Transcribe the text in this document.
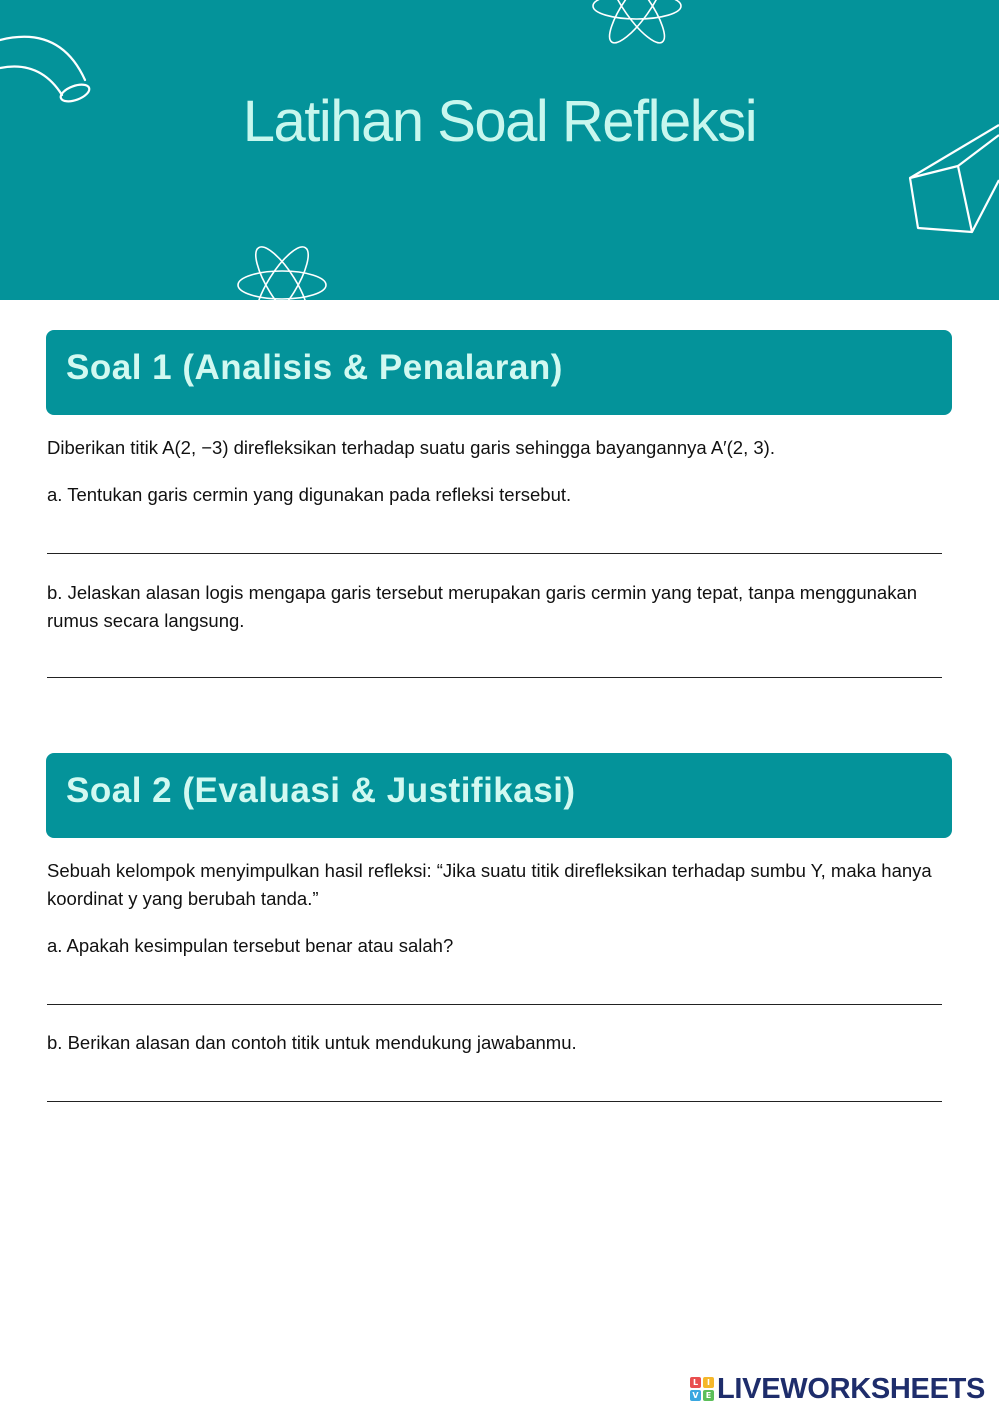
Latihan Soal Refleksi
Soal 1 (Analisis & Penalaran)

Diberikan titik A(2, −3) direfleksikan terhadap suatu garis sehingga bayangannya A′(2, 3).

a. Tentukan garis cermin yang digunakan pada refleksi tersebut.

b. Jelaskan alasan logis mengapa garis tersebut merupakan garis cermin yang tepat, tanpa menggunakan rumus secara langsung.

Soal 2 (Evaluasi & Justifikasi)

Sebuah kelompok menyimpulkan hasil refleksi: “Jika suatu titik direfleksikan terhadap sumbu Y, maka hanya koordinat y yang berubah tanda.”

a. Apakah kesimpulan tersebut benar atau salah?

b. Berikan alasan dan contoh titik untuk mendukung jawabanmu.

L	I
V E LIVEWORKSHEETS
